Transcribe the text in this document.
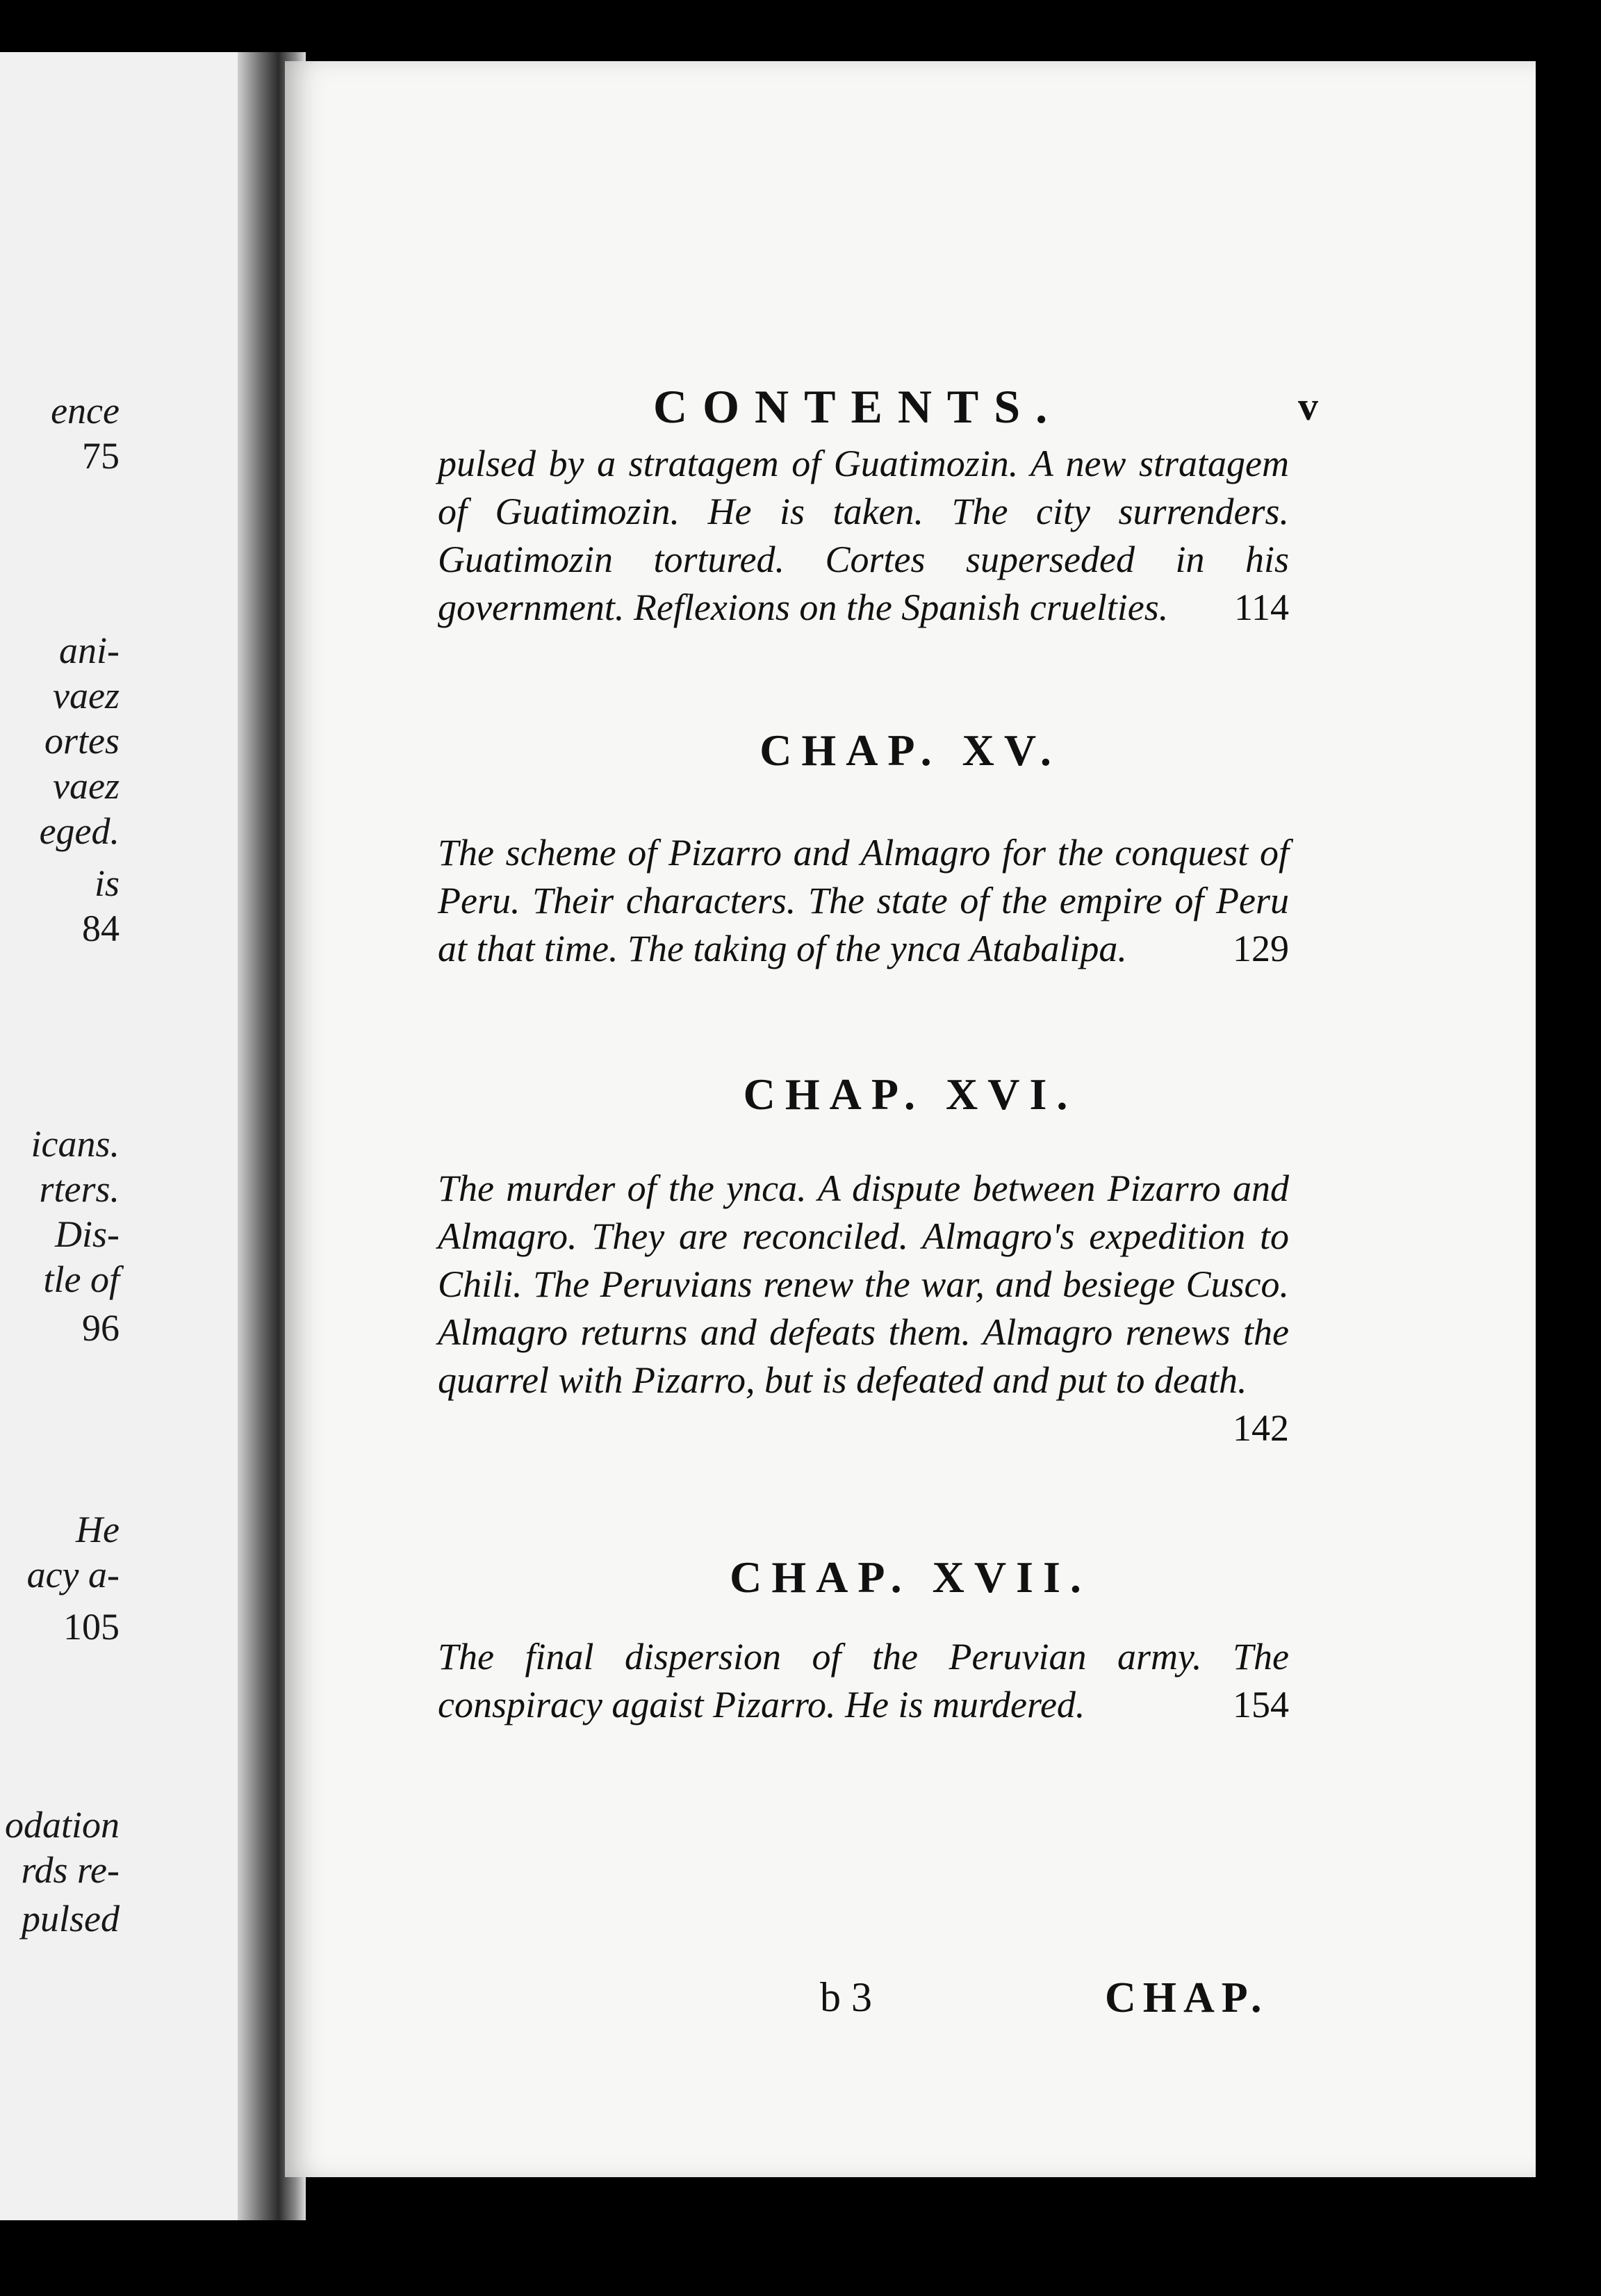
ence
75
ani-
vaez
ortes
vaez
eged.
is
84
icans.
rters.
Dis-
tle of
96
He
acy a-
105
odation
rds re-
pulsed
CONTENTS.	v
pulsed by a stratagem of Guatimozin. A new stratagem of Guatimozin. He is taken. The city surrenders. Guatimozin tortured. Cortes superseded in his government. Reflexions on the Spanish cruelties. 114
CHAP. XV.
The scheme of Pizarro and Almagro for the conquest of Peru. Their characters. The state of the empire of Peru at that time. The taking of the ynca Atabalipa.	129
CHAP. XVI.
The murder of the ynca. A dispute between Pizarro and Almagro. They are reconciled. Almagro's expedition to Chili. The Peruvians renew the war, and besiege Cusco. Almagro returns and defeats them. Almagro renews the quarrel with Pizarro, but is defeated and put to death.
142
CHAP. XVII.
The final dispersion of the Peruvian army. The conspiracy agaist Pizarro. He is murdered.	154
b 3	CHAP.
